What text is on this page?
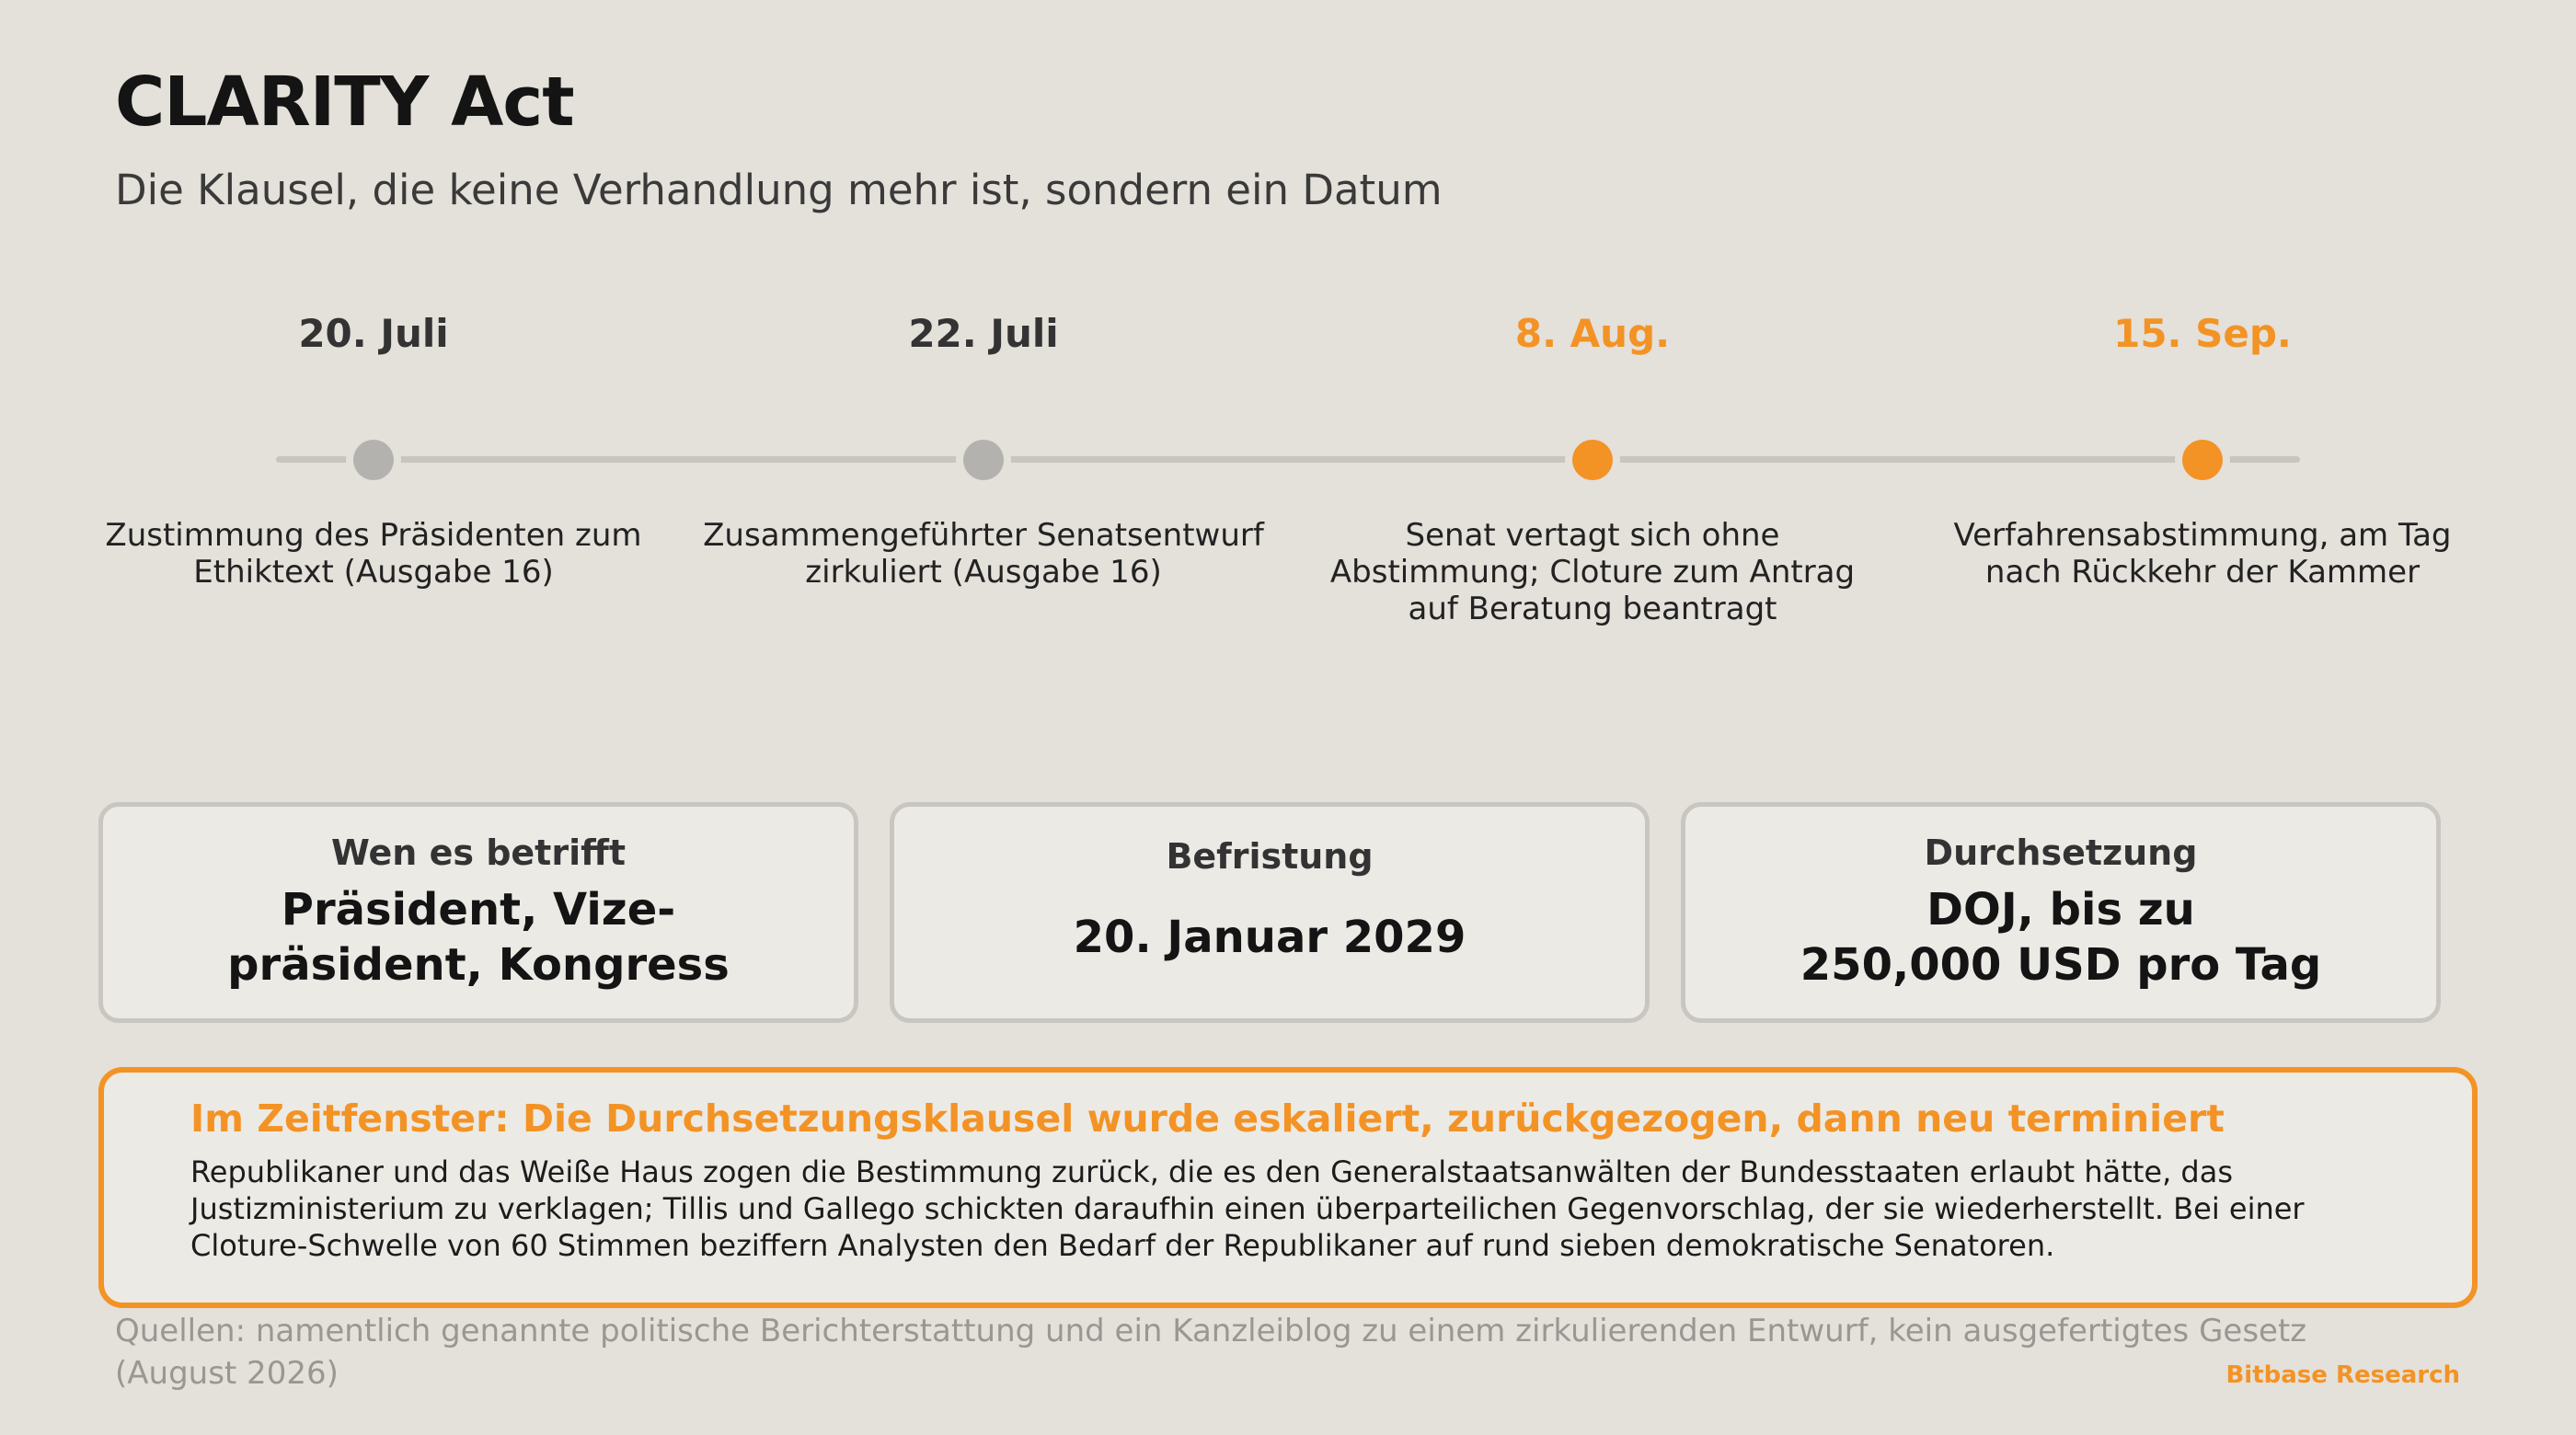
CLARITY Act
Die Klausel, die keine Verhandlung mehr ist, sondern ein Datum
20. Juli
Zustimmung des Präsidenten zum Ethiktext (Ausgabe 16)
22. Juli
Zusammengeführter Senatsentwurf zirkuliert (Ausgabe 16)
8. Aug.
Senat vertagt sich ohne Abstimmung; Cloture zum Antrag auf Beratung beantragt
15. Sep.
Verfahrensabstimmung, am Tag nach Rückkehr der Kammer
Wen es betrifft
Präsident, Vize-
präsident, Kongress
Befristung
20. Januar 2029
Durchsetzung
DOJ, bis zu
250,000 USD pro Tag
Im Zeitfenster: Die Durchsetzungsklausel wurde eskaliert, zurückgezogen, dann neu terminiert
Republikaner und das Weiße Haus zogen die Bestimmung zurück, die es den Generalstaatsanwälten der Bundesstaaten erlaubt hätte, das Justizministerium zu verklagen; Tillis und Gallego schickten daraufhin einen überparteilichen Gegenvorschlag, der sie wiederherstellt. Bei einer Cloture-Schwelle von 60 Stimmen beziffern Analysten den Bedarf der Republikaner auf rund sieben demokratische Senatoren.
Quellen: namentlich genannte politische Berichterstattung und ein Kanzleiblog zu einem zirkulierenden Entwurf, kein ausgefertigtes Gesetz (August 2026)	Bitbase Research
